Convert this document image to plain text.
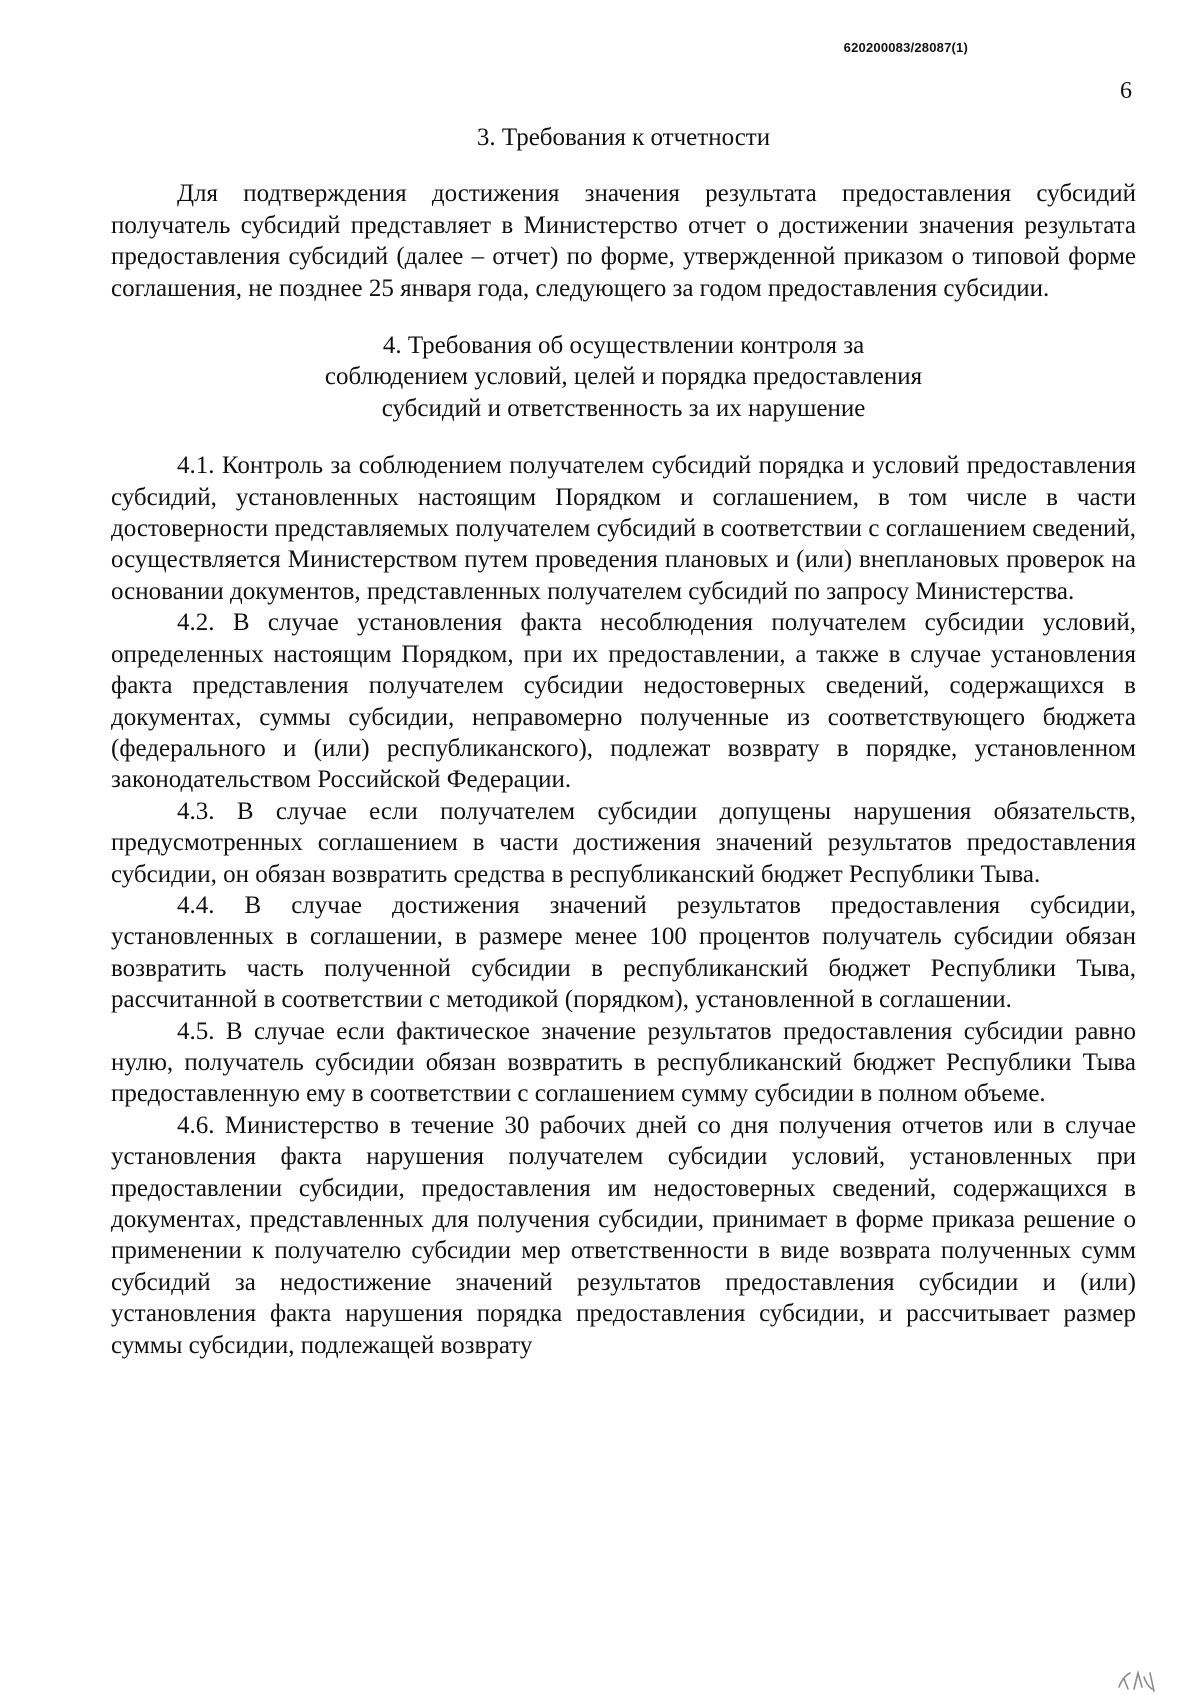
620200083/28087(1)
6
3. Требования к отчетности

Для подтверждения достижения значения результата предоставления субсидий получатель субсидий представляет в Министерство отчет о достижении значения результата предоставления субсидий (далее – отчет) по форме, утвержденной приказом о типовой форме соглашения, не позднее 25 января года, следующего за годом предоставления субсидии.

4. Требования об осуществлении контроля за
соблюдением условий, целей и порядка предоставления
субсидий и ответственность за их нарушение

4.1. Контроль за соблюдением получателем субсидий порядка и условий предоставления субсидий, установленных настоящим Порядком и соглашением, в том числе в части достоверности представляемых получателем субсидий в соответствии с соглашением сведений, осуществляется Министерством путем проведения плановых и (или) внеплановых проверок на основании документов, представленных получателем субсидий по запросу Министерства.

4.2. В случае установления факта несоблюдения получателем субсидии условий, определенных настоящим Порядком, при их предоставлении, а также в случае установления факта представления получателем субсидии недостоверных сведений, содержащихся в документах, суммы субсидии, неправомерно полученные из соответствующего бюджета (федерального и (или) республиканского), подлежат возврату в порядке, установленном законодательством Российской Федерации.

4.3. В случае если получателем субсидии допущены нарушения обязательств, предусмотренных соглашением в части достижения значений результатов предоставления субсидии, он обязан возвратить средства в республиканский бюджет Республики Тыва.

4.4. В случае достижения значений результатов предоставления субсидии, установленных в соглашении, в размере менее 100 процентов получатель субсидии обязан возвратить часть полученной субсидии в республиканский бюджет Республики Тыва, рассчитанной в соответствии с методикой (порядком), установленной в соглашении.

4.5. В случае если фактическое значение результатов предоставления субсидии равно нулю, получатель субсидии обязан возвратить в республиканский бюджет Республики Тыва предоставленную ему в соответствии с соглашением сумму субсидии в полном объеме.

4.6. Министерство в течение 30 рабочих дней со дня получения отчетов или в случае установления факта нарушения получателем субсидии условий, установленных при предоставлении субсидии, предоставления им недостоверных сведений, содержащихся в документах, представленных для получения субсидии, принимает в форме приказа решение о применении к получателю субсидии мер ответственности в виде возврата полученных сумм субсидий за недостижение значений результатов предоставления субсидии и (или) установления факта нарушения порядка предоставления субсидии, и рассчитывает размер суммы субсидии, подлежащей возврату
